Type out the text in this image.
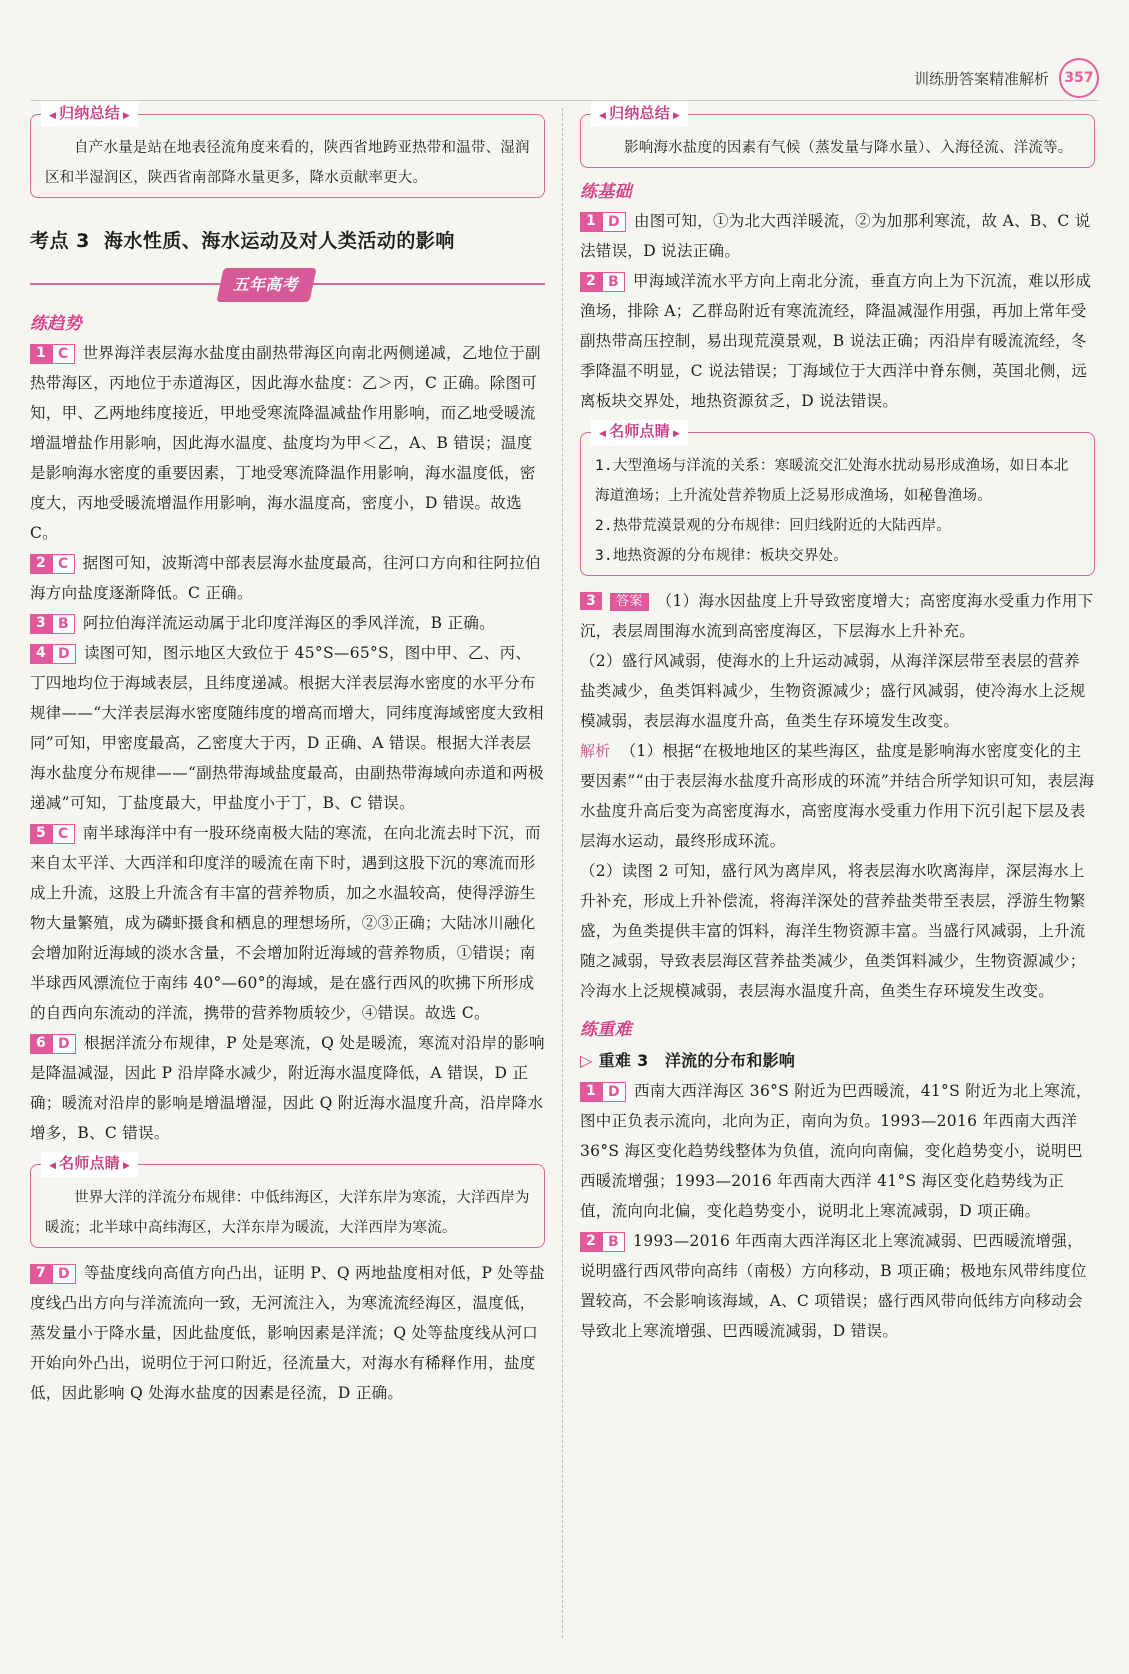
训练册答案精准解析	357
◀ 归纳总结 ▶

自产水量是站在地表径流角度来看的，陕西省地跨亚热带和温带、湿润区和半湿润区，陕西省南部降水量更多，降水贡献率更大。

考点 3 海水性质、海水运动及对人类活动的影响
五年高考
练趋势

1 C 世界海洋表层海水盐度由副热带海区向南北两侧递减，乙地位于副热带海区，丙地位于赤道海区，因此海水盐度：乙＞丙，C 正确。除图可知，甲、乙两地纬度接近，甲地受寒流降温减盐作用影响，而乙地受暖流增温增盐作用影响，因此海水温度、盐度均为甲＜乙，A、B 错误；温度是影响海水密度的重要因素，丁地受寒流降温作用影响，海水温度低，密度大，丙地受暖流增温作用影响，海水温度高，密度小，D 错误。故选 C。

2 C 据图可知，波斯湾中部表层海水盐度最高，往河口方向和往阿拉伯海方向盐度逐渐降低。C 正确。

3 B 阿拉伯海洋流运动属于北印度洋海区的季风洋流，B 正确。

4 D 读图可知，图示地区大致位于 45°S—65°S，图中甲、乙、丙、丁四地均位于海域表层，且纬度递减。根据大洋表层海水密度的水平分布规律——“大洋表层海水密度随纬度的增高而增大，同纬度海域密度大致相同”可知，甲密度最高，乙密度大于丙，D 正确、A 错误。根据大洋表层海水盐度分布规律——“副热带海域盐度最高，由副热带海域向赤道和两极递减”可知，丁盐度最大，甲盐度小于丁，B、C 错误。

5 C 南半球海洋中有一股环绕南极大陆的寒流，在向北流去时下沉，而来自太平洋、大西洋和印度洋的暖流在南下时，遇到这股下沉的寒流而形成上升流，这股上升流含有丰富的营养物质，加之水温较高，使得浮游生物大量繁殖，成为磷虾摄食和栖息的理想场所，②③正确；大陆冰川融化会增加附近海域的淡水含量，不会增加附近海域的营养物质，①错误；南半球西风漂流位于南纬 40°—60°的海域，是在盛行西风的吹拂下所形成的自西向东流动的洋流，携带的营养物质较少，④错误。故选 C。

6 D 根据洋流分布规律，P 处是寒流，Q 处是暖流，寒流对沿岸的影响是降温减湿，因此 P 沿岸降水减少，附近海水温度降低，A 错误，D 正确；暖流对沿岸的影响是增温增湿，因此 Q 附近海水温度升高，沿岸降水增多，B、C 错误。

◀ 名师点睛 ▶

世界大洋的洋流分布规律：中低纬海区，大洋东岸为寒流，大洋西岸为暖流；北半球中高纬海区，大洋东岸为暖流，大洋西岸为寒流。

7 D 等盐度线向高值方向凸出，证明 P、Q 两地盐度相对低，P 处等盐度线凸出方向与洋流流向一致，无河流注入，为寒流流经海区，温度低，蒸发量小于降水量，因此盐度低，影响因素是洋流；Q 处等盐度线从河口开始向外凸出，说明位于河口附近，径流量大，对海水有稀释作用，盐度低，因此影响 Q 处海水盐度的因素是径流，D 正确。

◀ 归纳总结 ▶

影响海水盐度的因素有气候（蒸发量与降水量）、入海径流、洋流等。

练基础

1 D 由图可知，①为北大西洋暖流，②为加那利寒流，故 A、B、C 说法错误，D 说法正确。

2 B 甲海域洋流水平方向上南北分流，垂直方向上为下沉流，难以形成渔场，排除 A；乙群岛附近有寒流流经，降温减湿作用强，再加上常年受副热带高压控制，易出现荒漠景观，B 说法正确；丙沿岸有暖流流经，冬季降温不明显，C 说法错误；丁海域位于大西洋中脊东侧，英国北侧，远离板块交界处，地热资源贫乏，D 说法错误。

◀ 名师点睛 ▶

1.大型渔场与洋流的关系：寒暖流交汇处海水扰动易形成渔场，如日本北海道渔场；上升流处营养物质上泛易形成渔场，如秘鲁渔场。

2.热带荒漠景观的分布规律：回归线附近的大陆西岸。

3.地热资源的分布规律：板块交界处。

3	答案 （1）海水因盐度上升导致密度增大；高密度海水受重力作用下沉，表层周围海水流到高密度海区，下层海水上升补充。

（2）盛行风减弱，使海水的上升运动减弱，从海洋深层带至表层的营养盐类减少，鱼类饵料减少，生物资源减少；盛行风减弱，使冷海水上泛规模减弱，表层海水温度升高，鱼类生存环境发生改变。

解析 （1）根据“在极地地区的某些海区，盐度是影响海水密度变化的主要因素”“由于表层海水盐度升高形成的环流”并结合所学知识可知，表层海水盐度升高后变为高密度海水，高密度海水受重力作用下沉引起下层及表层海水运动，最终形成环流。

（2）读图 2 可知，盛行风为离岸风，将表层海水吹离海岸，深层海水上升补充，形成上升补偿流，将海洋深处的营养盐类带至表层，浮游生物繁盛，为鱼类提供丰富的饵料，海洋生物资源丰富。当盛行风减弱，上升流随之减弱，导致表层海区营养盐类减少，鱼类饵料减少，生物资源减少；冷海水上泛规模减弱，表层海水温度升高，鱼类生存环境发生改变。

练重难
▷ 重难 3　洋流的分布和影响

1 D 西南大西洋海区 36°S 附近为巴西暖流，41°S 附近为北上寒流，图中正负表示流向，北向为正，南向为负。1993—2016 年西南大西洋 36°S 海区变化趋势线整体为负值，流向向南偏，变化趋势变小，说明巴西暖流增强；1993—2016 年西南大西洋 41°S 海区变化趋势线为正值，流向向北偏，变化趋势变小，说明北上寒流减弱，D 项正确。

2 B 1993—2016 年西南大西洋海区北上寒流减弱、巴西暖流增强，说明盛行西风带向高纬（南极）方向移动，B 项正确；极地东风带纬度位置较高，不会影响该海域，A、C 项错误；盛行西风带向低纬方向移动会导致北上寒流增强、巴西暖流减弱，D 错误。
